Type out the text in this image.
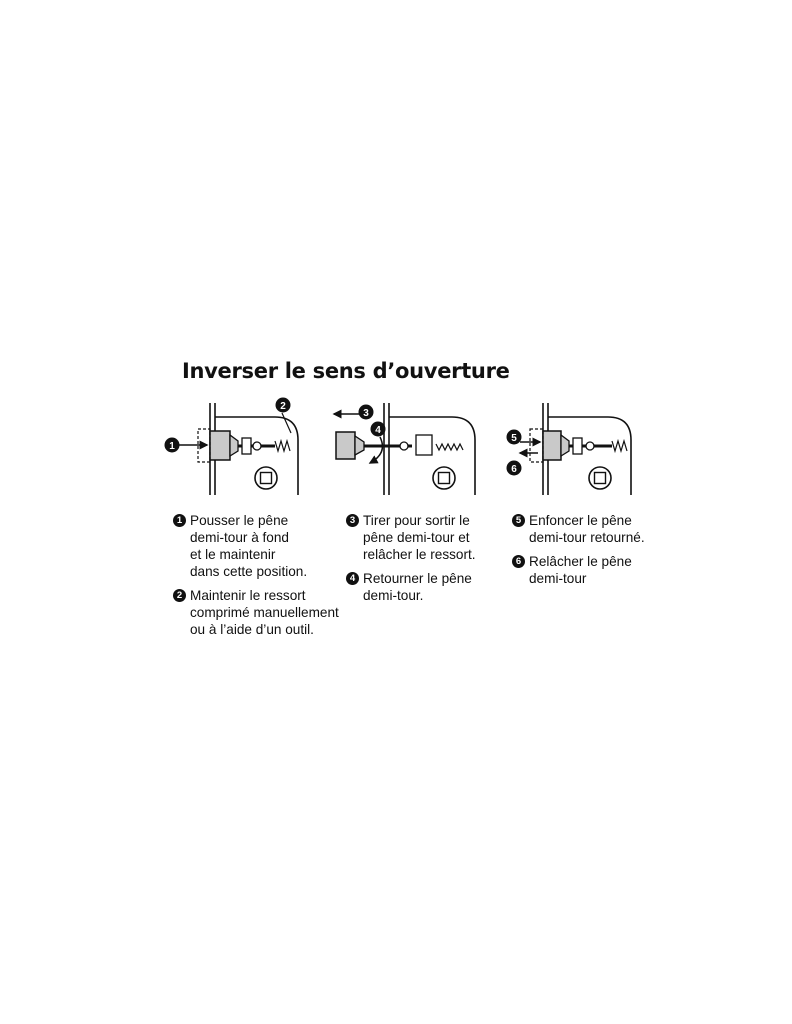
Inverser le sens d’ouverture
1
2
3
4
5
6
1 Pousser le pêne
demi-tour à fond
et le maintenir
dans cette position.
2 Maintenir le ressort
comprimé manuellement
ou à l’aide d’un outil.
3 Tirer pour sortir le
pêne demi-tour et
relâcher le ressort.
4 Retourner le pêne
demi-tour.
5 Enfoncer le pêne
demi-tour retourné.
6 Relâcher le pêne
demi-tour
